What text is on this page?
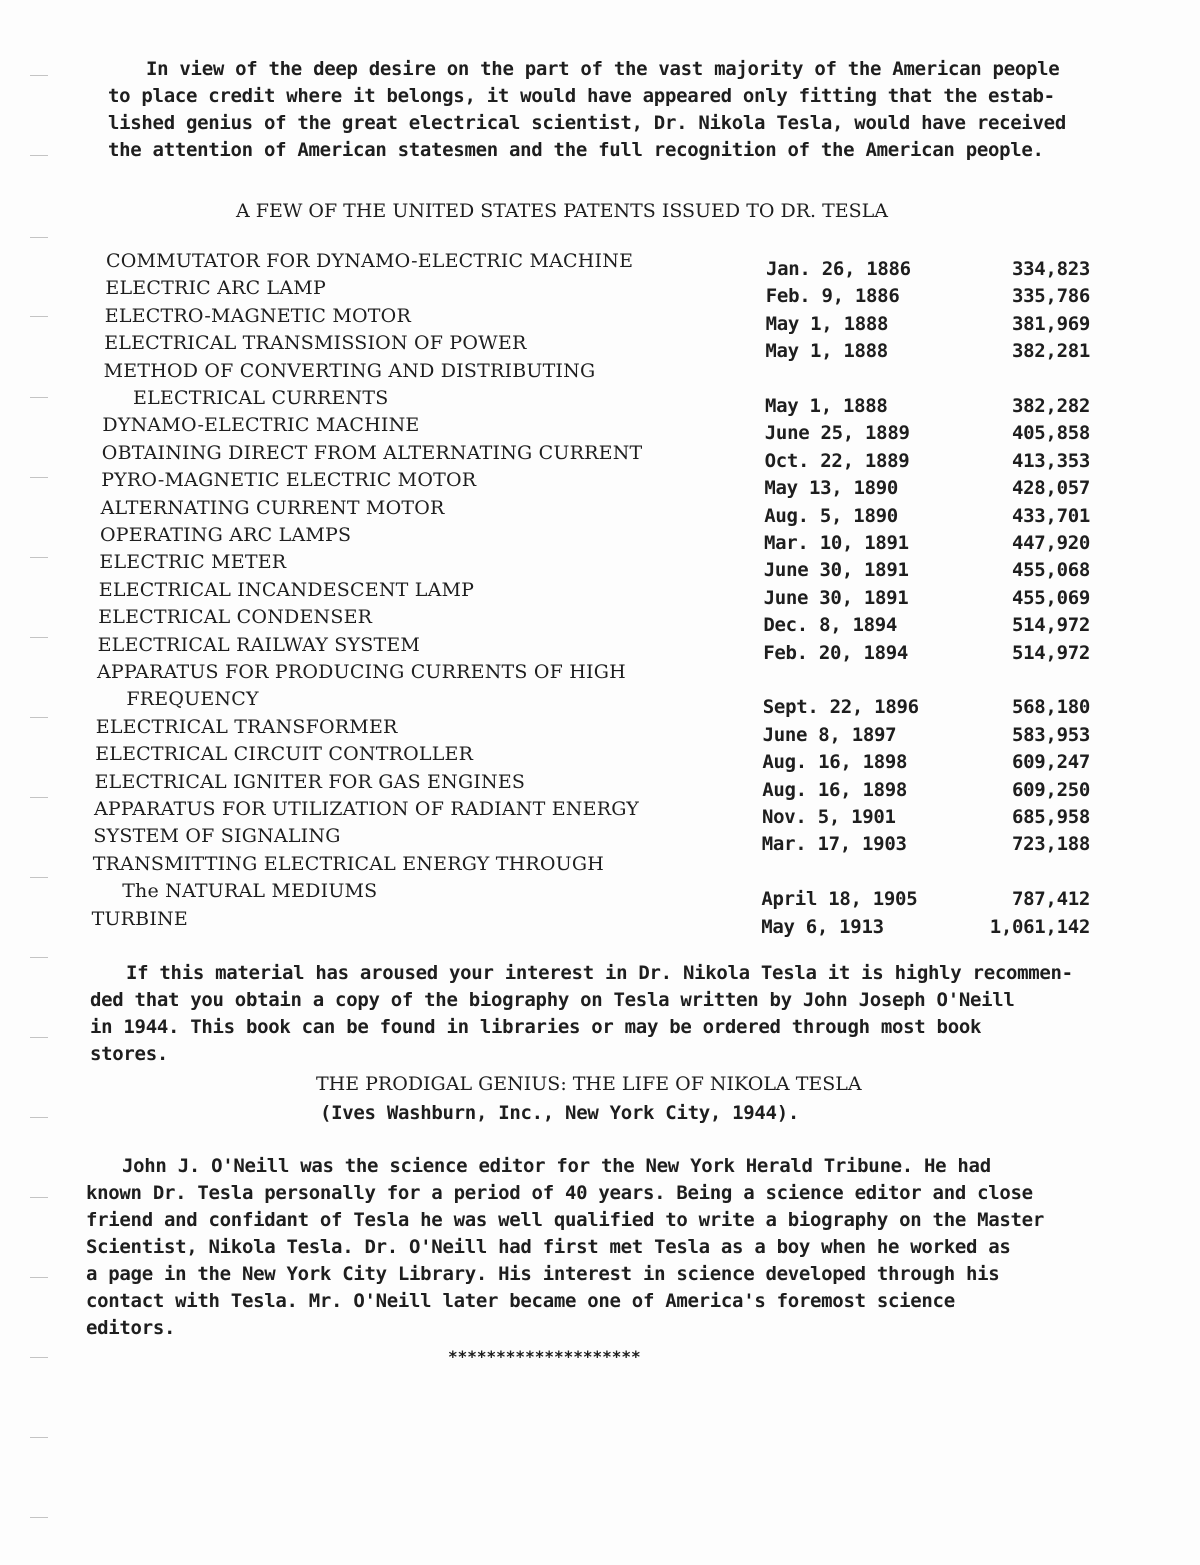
In view of the deep desire on the part of the vast majority of the American people
to place credit where it belongs, it would have appeared only fitting that the estab-
lished genius of the great electrical scientist, Dr. Nikola Tesla, would have received
the attention of American statesmen and the full recognition of the American people.
A FEW OF THE UNITED STATES PATENTS ISSUED TO DR. TESLA
COMMUTATOR FOR DYNAMO-ELECTRIC MACHINE	Jan. 26, 1886	334,823
ELECTRIC ARC LAMP	Feb. 9, 1886	335,786
ELECTRO-MAGNETIC MOTOR	May 1, 1888	381,969
ELECTRICAL TRANSMISSION OF POWER	May 1, 1888	382,281
METHOD OF CONVERTING AND DISTRIBUTING
ELECTRICAL CURRENTS	May 1, 1888	382,282
DYNAMO-ELECTRIC MACHINE	June 25, 1889	405,858
OBTAINING DIRECT FROM ALTERNATING CURRENT	Oct. 22, 1889	413,353
PYRO-MAGNETIC ELECTRIC MOTOR	May 13, 1890	428,057
ALTERNATING CURRENT MOTOR	Aug. 5, 1890	433,701
OPERATING ARC LAMPS	Mar. 10, 1891	447,920
ELECTRIC METER	June 30, 1891	455,068
ELECTRICAL INCANDESCENT LAMP	June 30, 1891	455,069
ELECTRICAL CONDENSER	Dec. 8, 1894	514,972
ELECTRICAL RAILWAY SYSTEM	Feb. 20, 1894	514,972
APPARATUS FOR PRODUCING CURRENTS OF HIGH
FREQUENCY	Sept. 22, 1896	568,180
ELECTRICAL TRANSFORMER	June 8, 1897	583,953
ELECTRICAL CIRCUIT CONTROLLER	Aug. 16, 1898	609,247
ELECTRICAL IGNITER FOR GAS ENGINES	Aug. 16, 1898	609,250
APPARATUS FOR UTILIZATION OF RADIANT ENERGY	Nov. 5, 1901	685,958
SYSTEM OF SIGNALING	Mar. 17, 1903	723,188
TRANSMITTING ELECTRICAL ENERGY THROUGH
The NATURAL MEDIUMS	April 18, 1905	787,412
TURBINE	May 6, 1913	1,061,142
If this material has aroused your interest in Dr. Nikola Tesla it is highly recommen-
ded that you obtain a copy of the biography on Tesla written by John Joseph O'Neill
in 1944. This book can be found in libraries or may be ordered through most book
stores.
THE PRODIGAL GENIUS: THE LIFE OF NIKOLA TESLA
(Ives Washburn, Inc., New York City, 1944).
John J. O'Neill was the science editor for the New York Herald Tribune. He had
known Dr. Tesla personally for a period of 40 years. Being a science editor and close
friend and confidant of Tesla he was well qualified to write a biography on the Master
Scientist, Nikola Tesla. Dr. O'Neill had first met Tesla as a boy when he worked as
a page in the New York City Library. His interest in science developed through his
contact with Tesla. Mr. O'Neill later became one of America's foremost science
editors.
********************
